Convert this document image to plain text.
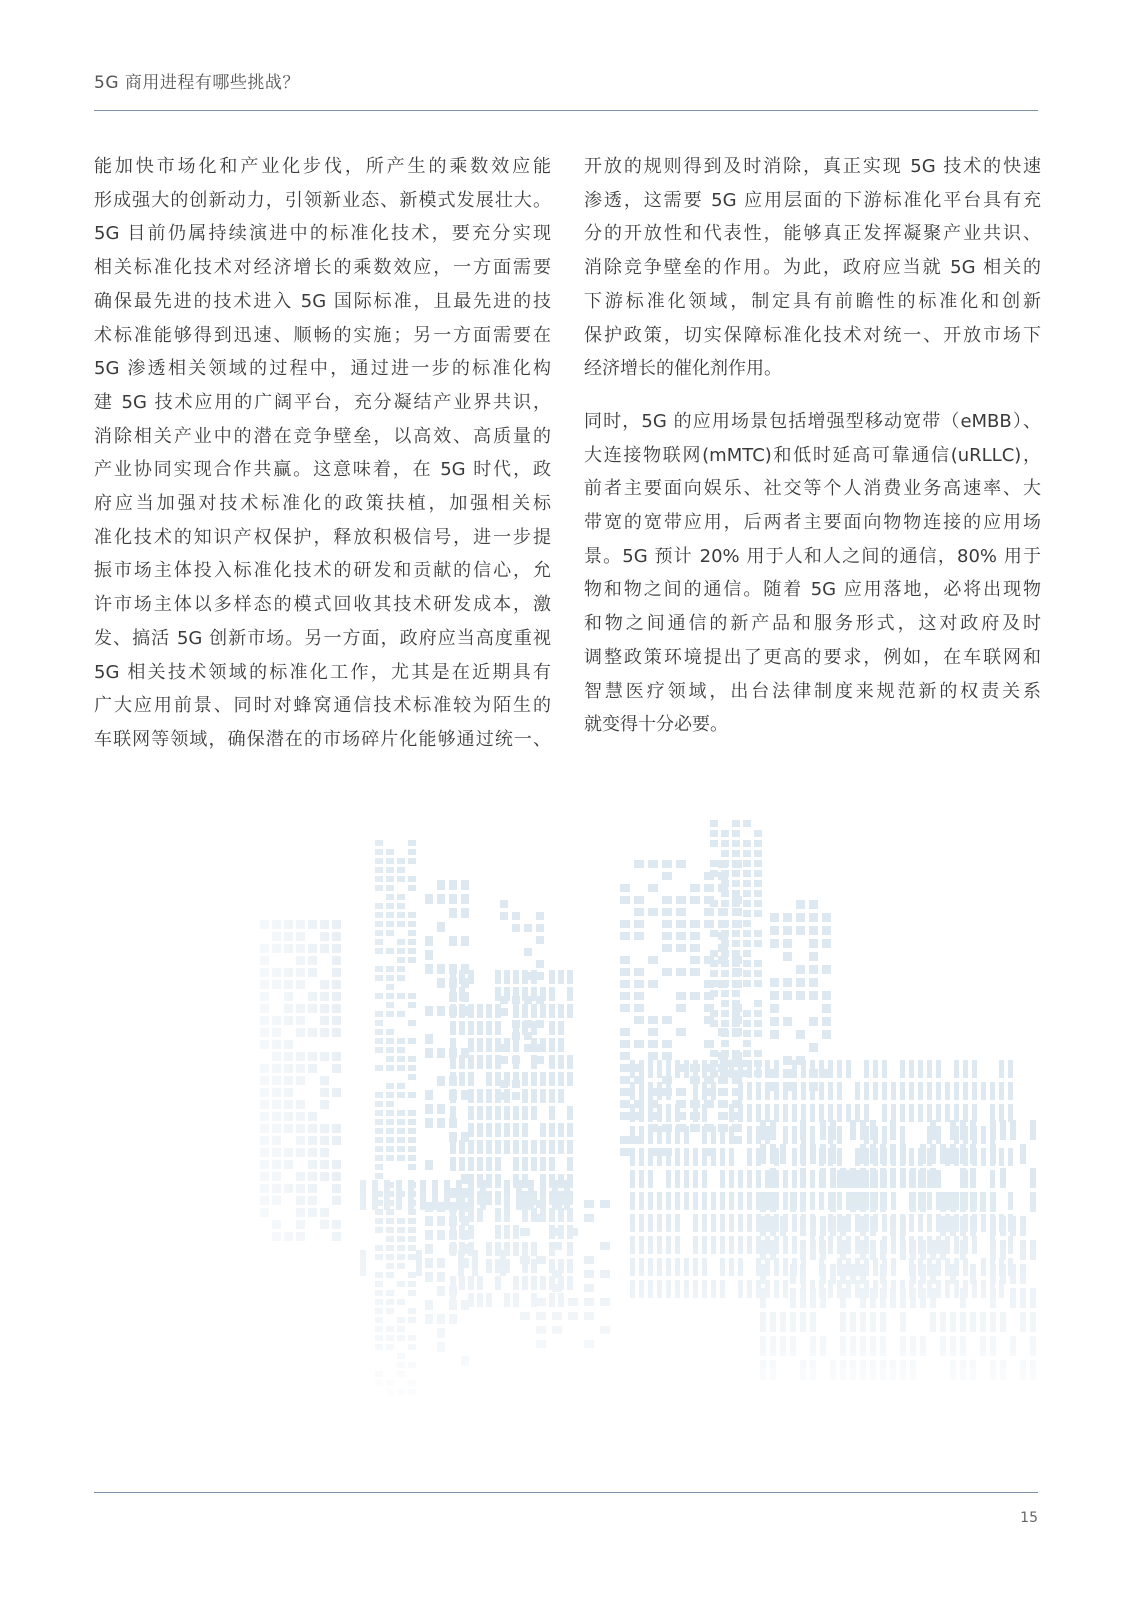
5G 商用进程有哪些挑战？
能加快市场化和产业化步伐，所产生的乘数效应能
形成强大的创新动力，引领新业态、新模式发展壮大。
5G 目前仍属持续演进中的标准化技术，要充分实现
相关标准化技术对经济增长的乘数效应，一方面需要
确保最先进的技术进入 5G 国际标准，且最先进的技
术标准能够得到迅速、顺畅的实施；另一方面需要在
5G 渗透相关领域的过程中，通过进一步的标准化构
建 5G 技术应用的广阔平台，充分凝结产业界共识，
消除相关产业中的潜在竞争壁垒，以高效、高质量的
产业协同实现合作共赢。这意味着，在 5G 时代，政
府应当加强对技术标准化的政策扶植，加强相关标
准化技术的知识产权保护，释放积极信号，进一步提
振市场主体投入标准化技术的研发和贡献的信心，允
许市场主体以多样态的模式回收其技术研发成本，激
发、搞活 5G 创新市场。另一方面，政府应当高度重视
5G 相关技术领域的标准化工作，尤其是在近期具有
广大应用前景、同时对蜂窝通信技术标准较为陌生的
车联网等领域，确保潜在的市场碎片化能够通过统一、
开放的规则得到及时消除，真正实现 5G 技术的快速
渗透，这需要 5G 应用层面的下游标准化平台具有充
分的开放性和代表性，能够真正发挥凝聚产业共识、
消除竞争壁垒的作用。为此，政府应当就 5G 相关的
下游标准化领域，制定具有前瞻性的标准化和创新
保护政策，切实保障标准化技术对统一、开放市场下
经济增长的催化剂作用。
同时，5G 的应用场景包括增强型移动宽带（eMBB）、
大连接物联网(mMTC)和低时延高可靠通信(uRLLC)，
前者主要面向娱乐、社交等个人消费业务高速率、大
带宽的宽带应用，后两者主要面向物物连接的应用场
景。5G 预计 20% 用于人和人之间的通信，80% 用于
物和物之间的通信。随着 5G 应用落地，必将出现物
和物之间通信的新产品和服务形式，这对政府及时
调整政策环境提出了更高的要求，例如，在车联网和
智慧医疗领域，出台法律制度来规范新的权责关系
就变得十分必要。
15
